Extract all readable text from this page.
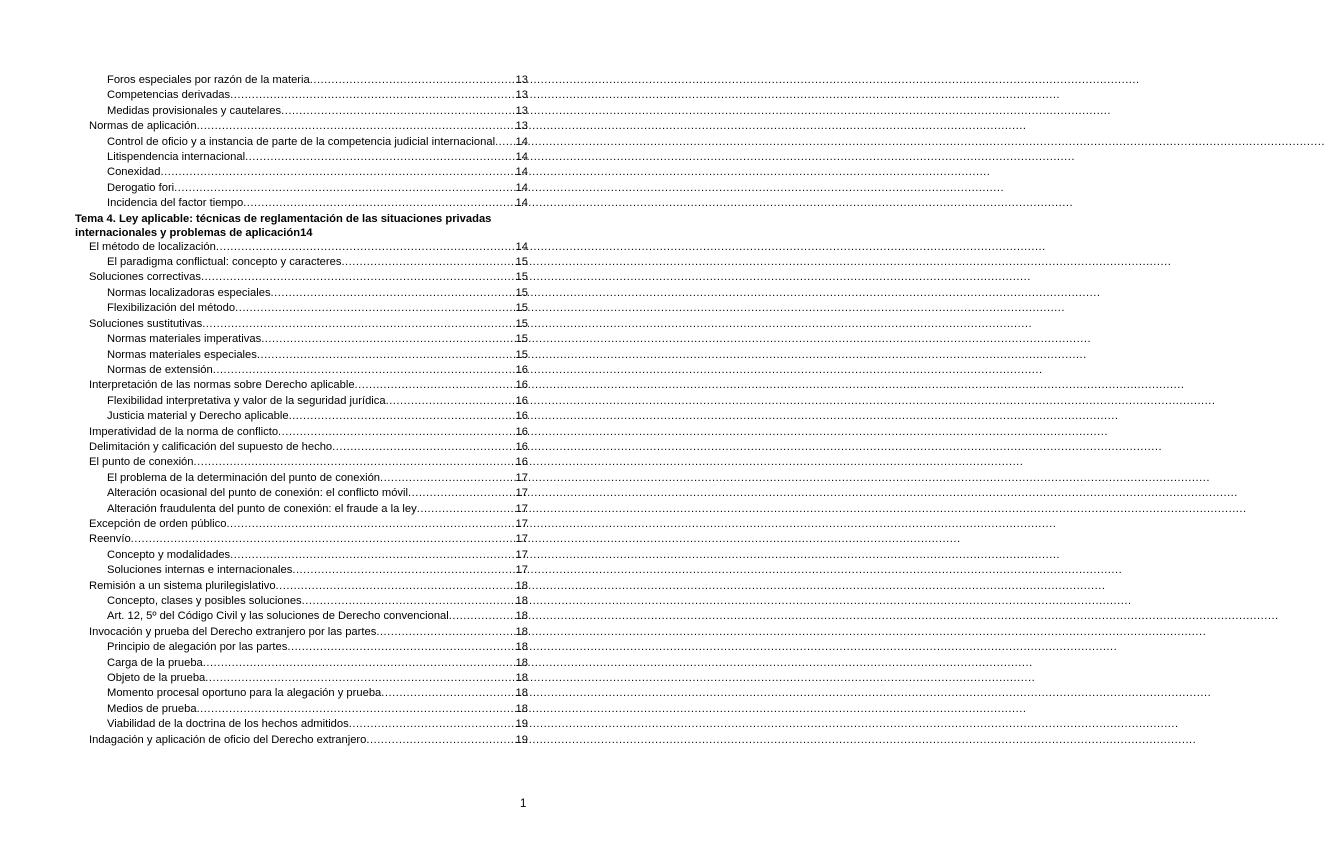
Foros especiales por razón de la materia .....	13
Competencias derivadas .....	13
Medidas provisionales y cautelares .....	13
Normas de aplicación .....	13
Control de oficio y a instancia de parte de la competencia judicial internacional ..... 14
Litispendencia internacional .....	14
Conexidad .....	14
Derogatio fori .....	14
Incidencia del factor tiempo .....	14
Tema 4. Ley aplicable: técnicas de reglamentación de las situaciones privadas
internacionales y problemas de aplicación 14
El método de localización .....	14
El paradigma conflictual: concepto y caracteres .....	15
Soluciones correctivas .....	15
Normas localizadoras especiales .....	15
Flexibilización del método .....	15
Soluciones sustitutivas .....	15
Normas materiales imperativas .....	15
Normas materiales especiales .....	15
Normas de extensión .....	16
Interpretación de las normas sobre Derecho aplicable .....	16
Flexibilidad interpretativa y valor de la seguridad jurídica .....	16
Justicia material y Derecho aplicable .....	16
Imperatividad de la norma de conflicto .....	16
Delimitación y calificación del supuesto de hecho .....	16
El punto de conexión .....	16
El problema de la determinación del punto de conexión .....	17
Alteración ocasional del punto de conexión: el conflicto móvil .....	17
Alteración fraudulenta del punto de conexión: el fraude a la ley .....	17
Excepción de orden público .....	17
Reenvío .....	17
Concepto y modalidades .....	17
Soluciones internas e internacionales .....	17
Remisión a un sistema plurilegislativo .....	18
Concepto, clases y posibles soluciones .....	18
Art. 12, 5º del Código Civil y las soluciones de Derecho convencional .....	18
Invocación y prueba del Derecho extranjero por las partes .....	18
Principio de alegación por las partes .....	18
Carga de la prueba .....	18
Objeto de la prueba .....	18
Momento procesal oportuno para la alegación y prueba .....	18
Medios de prueba .....	18
Viabilidad de la doctrina de los hechos admitidos .....	19
Indagación y aplicación de oficio del Derecho extranjero .....	19
1
